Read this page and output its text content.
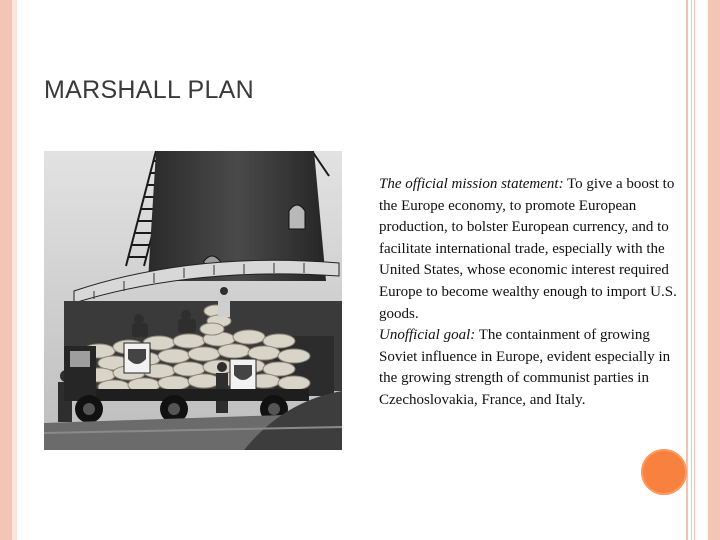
MARSHALL PLAN

The official mission statement: To give a boost to the Europe economy, to promote European production, to bolster European currency, and to facilitate international trade, especially with the United States, whose economic interest required Europe to become wealthy enough to import U.S. goods.

Unofficial goal: The containment of growing Soviet influence in Europe, evident especially in the growing strength of communist parties in Czechoslovakia, France, and Italy.
